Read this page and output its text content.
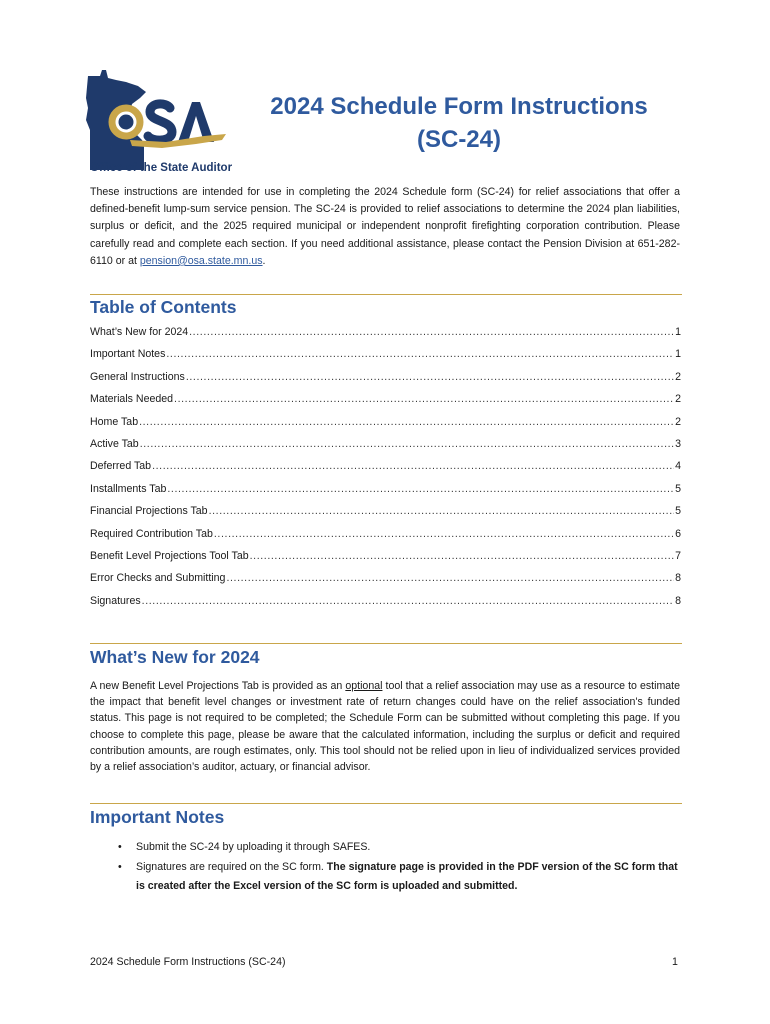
Office of the State Auditor
2024 Schedule Form Instructions
(SC-24)
These instructions are intended for use in completing the 2024 Schedule form (SC-24) for relief associations that offer a defined-benefit lump-sum service pension. The SC-24 is provided to relief associations to determine the 2024 plan liabilities, surplus or deficit, and the 2025 required municipal or independent nonprofit firefighting corporation contribution. Please carefully read and complete each section. If you need additional assistance, please contact the Pension Division at 651-282-6110 or at pension@osa.state.mn.us.
Table of Contents
What’s New for 2024 .....	1
Important Notes .....	1
General Instructions .....	2
Materials Needed .....	2
Home Tab .....	2
Active Tab .....	3
Deferred Tab .....	4
Installments Tab .....	5
Financial Projections Tab .....	5
Required Contribution Tab .....	6
Benefit Level Projections Tool Tab .....	7
Error Checks and Submitting .....	8
Signatures .....	8
What’s New for 2024
A new Benefit Level Projections Tab is provided as an optional tool that a relief association may use as a resource to estimate the impact that benefit level changes or investment rate of return changes could have on the relief association's funded status. This page is not required to be completed; the Schedule Form can be submitted without completing this page. If you choose to complete this page, please be aware that the calculated information, including the surplus or deficit and required contribution amounts, are rough estimates, only. This tool should not be relied upon in lieu of individualized services provided by a relief association’s auditor, actuary, or financial advisor.
Important Notes
• Submit the SC-24 by uploading it through SAFES.
• Signatures are required on the SC form. The signature page is provided in the PDF version of the SC form that is created after the Excel version of the SC form is uploaded and submitted.
2024 Schedule Form Instructions (SC-24)	1
